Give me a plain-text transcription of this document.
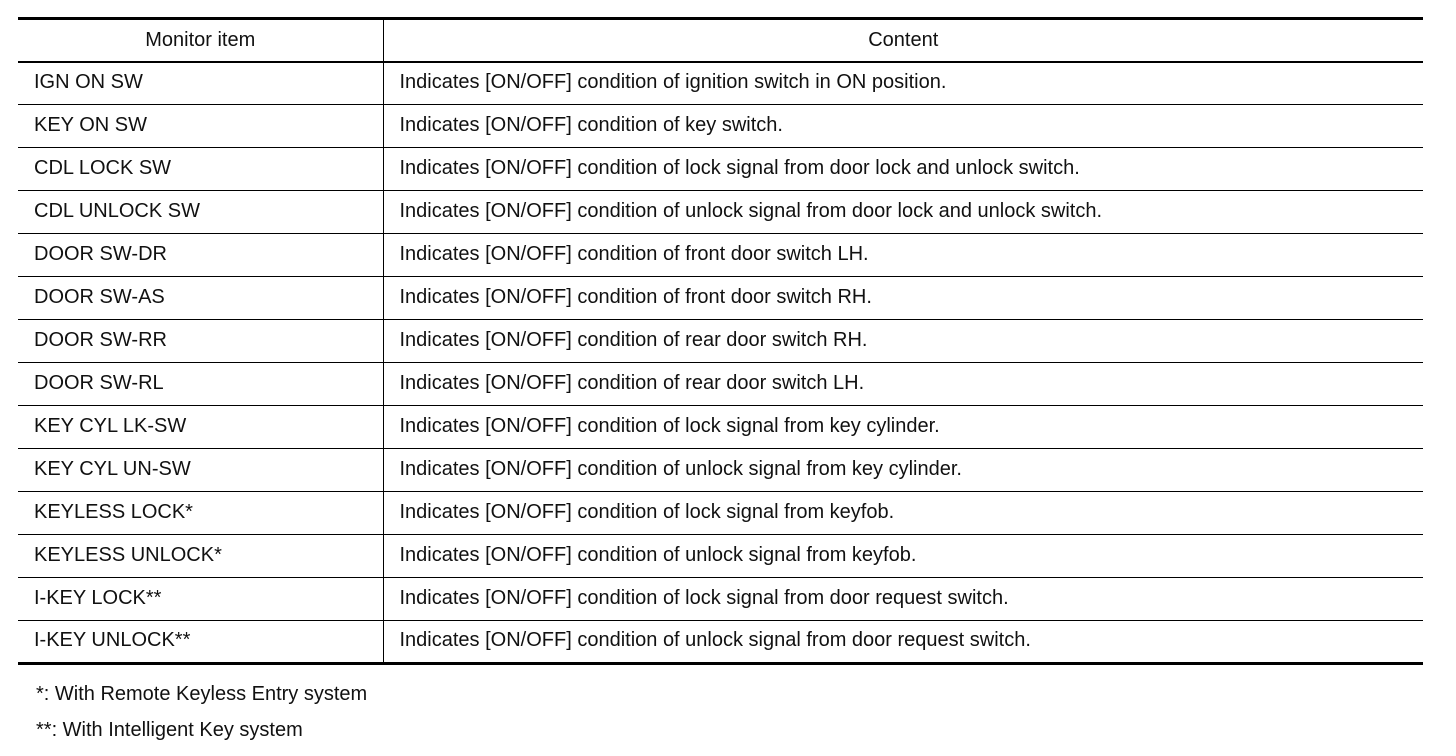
Monitor item	Content
IGN ON SW	Indicates [ON/OFF] condition of ignition switch in ON position.
KEY ON SW	Indicates [ON/OFF] condition of key switch.
CDL LOCK SW	Indicates [ON/OFF] condition of lock signal from door lock and unlock switch.
CDL UNLOCK SW	Indicates [ON/OFF] condition of unlock signal from door lock and unlock switch.
DOOR SW-DR	Indicates [ON/OFF] condition of front door switch LH.
DOOR SW-AS	Indicates [ON/OFF] condition of front door switch RH.
DOOR SW-RR	Indicates [ON/OFF] condition of rear door switch RH.
DOOR SW-RL	Indicates [ON/OFF] condition of rear door switch LH.
KEY CYL LK-SW	Indicates [ON/OFF] condition of lock signal from key cylinder.
KEY CYL UN-SW	Indicates [ON/OFF] condition of unlock signal from key cylinder.
KEYLESS LOCK*	Indicates [ON/OFF] condition of lock signal from keyfob.
KEYLESS UNLOCK*	Indicates [ON/OFF] condition of unlock signal from keyfob.
I-KEY LOCK**	Indicates [ON/OFF] condition of lock signal from door request switch.
I-KEY UNLOCK**	Indicates [ON/OFF] condition of unlock signal from door request switch.
*: With Remote Keyless Entry system
**: With Intelligent Key system
